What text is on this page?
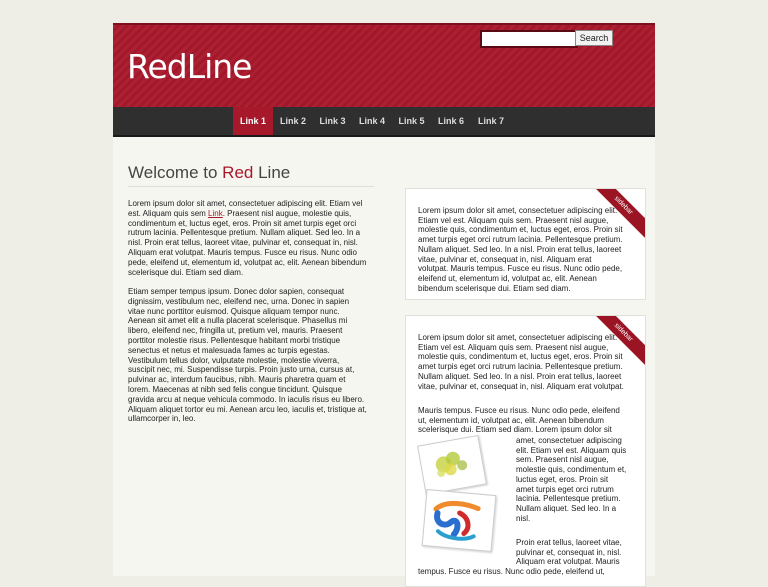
RedLine
Search
Link 1	Link 2	Link 3	Link 4	Link 5	Link 6	Link 7
Welcome to Red Line
Lorem ipsum dolor sit amet, consectetuer adipiscing elit. Etiam vel est. Aliquam quis sem Link. Praesent nisl augue, molestie quis, condimentum et, luctus eget, eros. Proin sit amet turpis eget orci rutrum lacinia. Pellentesque pretium. Nullam aliquet. Sed leo. In a nisl. Proin erat tellus, laoreet vitae, pulvinar et, consequat in, nisl. Aliquam erat volutpat. Mauris tempus. Fusce eu risus. Nunc odio pede, eleifend ut, elementum id, volutpat ac, elit. Aenean bibendum scelerisque dui. Etiam sed diam.
Etiam semper tempus ipsum. Donec dolor sapien, consequat dignissim, vestibulum nec, eleifend nec, urna. Donec in sapien vitae nunc porttitor euismod. Quisque aliquam tempor nunc. Aenean sit amet elit a nulla placerat scelerisque. Phasellus mi libero, eleifend nec, fringilla ut, pretium vel, mauris. Praesent porttitor molestie risus. Pellentesque habitant morbi tristique senectus et netus et malesuada fames ac turpis egestas. Vestibulum tellus dolor, vulputate molestie, molestie viverra, suscipit nec, mi. Suspendisse turpis. Proin justo urna, cursus at, pulvinar ac, interdum faucibus, nibh. Mauris pharetra quam et lorem. Maecenas at nibh sed felis congue tincidunt. Quisque gravida arcu at neque vehicula commodo. In iaculis risus eu libero. Aliquam aliquet tortor eu mi. Aenean arcu leo, iaculis et, tristique at, ullamcorper in, leo.
sidebar
Lorem ipsum dolor sit amet, consectetuer adipiscing elit. Etiam vel est. Aliquam quis sem. Praesent nisl augue, molestie quis, condimentum et, luctus eget, eros. Proin sit amet turpis eget orci rutrum lacinia. Pellentesque pretium. Nullam aliquet. Sed leo. In a nisl. Proin erat tellus, laoreet vitae, pulvinar et, consequat in, nisl. Aliquam erat volutpat. Mauris tempus. Fusce eu risus. Nunc odio pede, eleifend ut, elementum id, volutpat ac, elit. Aenean bibendum scelerisque dui. Etiam sed diam.
sidebar
Lorem ipsum dolor sit amet, consectetuer adipiscing elit. Etiam vel est. Aliquam quis sem. Praesent nisl augue, molestie quis, condimentum et, luctus eget, eros. Proin sit amet turpis eget orci rutrum lacinia. Pellentesque pretium. Nullam aliquet. Sed leo. In a nisl. Proin erat tellus, laoreet vitae, pulvinar et, consequat in, nisl. Aliquam erat volutpat.
Mauris tempus. Fusce eu risus. Nunc odio pede, eleifend ut, elementum id, volutpat ac, elit. Aenean bibendum scelerisque dui. Etiam sed diam. Lorem ipsum dolor sit
amet, consectetuer adipiscing elit. Etiam vel est. Aliquam quis sem. Praesent nisl augue, molestie quis, condimentum et, luctus eget, eros. Proin sit amet turpis eget orci rutrum lacinia. Pellentesque pretium. Nullam aliquet. Sed leo. In a nisl.
Proin erat tellus, laoreet vitae, pulvinar et, consequat in, nisl. Aliquam erat volutpat. Mauris
tempus. Fusce eu risus. Nunc odio pede, eleifend ut,
